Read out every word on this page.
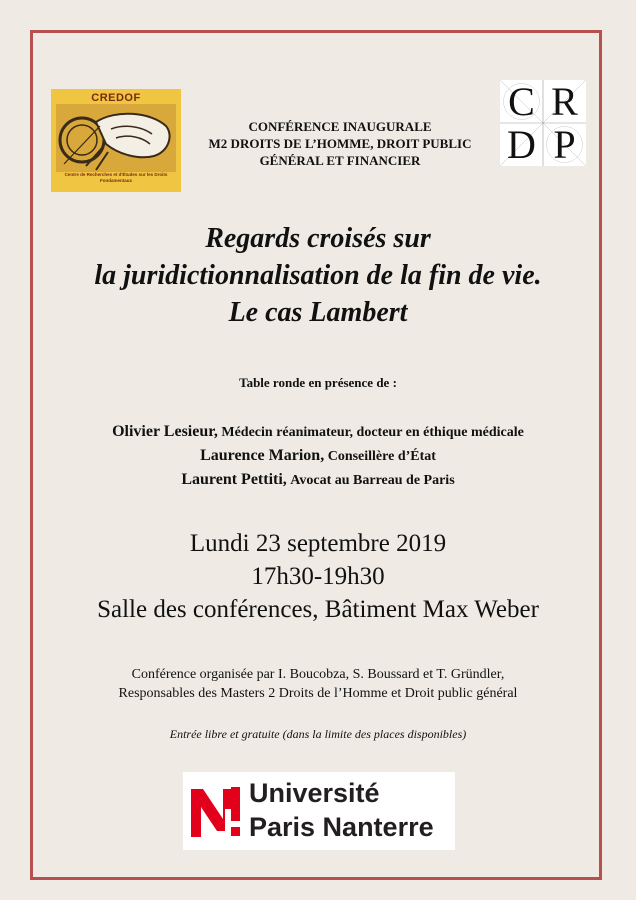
CREDOF
Centre de Recherches et d'Études sur les Droits Fondamentaux
C R
D P
CONFÉRENCE INAUGURALE
M2 DROITS DE L’HOMME, DROIT PUBLIC
GÉNÉRAL ET FINANCIER
Regards croisés sur
la juridictionnalisation de la fin de vie.
Le cas Lambert
Table ronde en présence de :
Olivier Lesieur, Médecin réanimateur, docteur en éthique médicale
Laurence Marion, Conseillère d’État
Laurent Pettiti, Avocat au Barreau de Paris
Lundi 23 septembre 2019
17h30-19h30
Salle des conférences, Bâtiment Max Weber
Conférence organisée par I. Boucobza, S. Boussard et T. Gründler,
Responsables des Masters 2 Droits de l’Homme et Droit public général
Entrée libre et gratuite (dans la limite des places disponibles)
Université
Paris Nanterre
